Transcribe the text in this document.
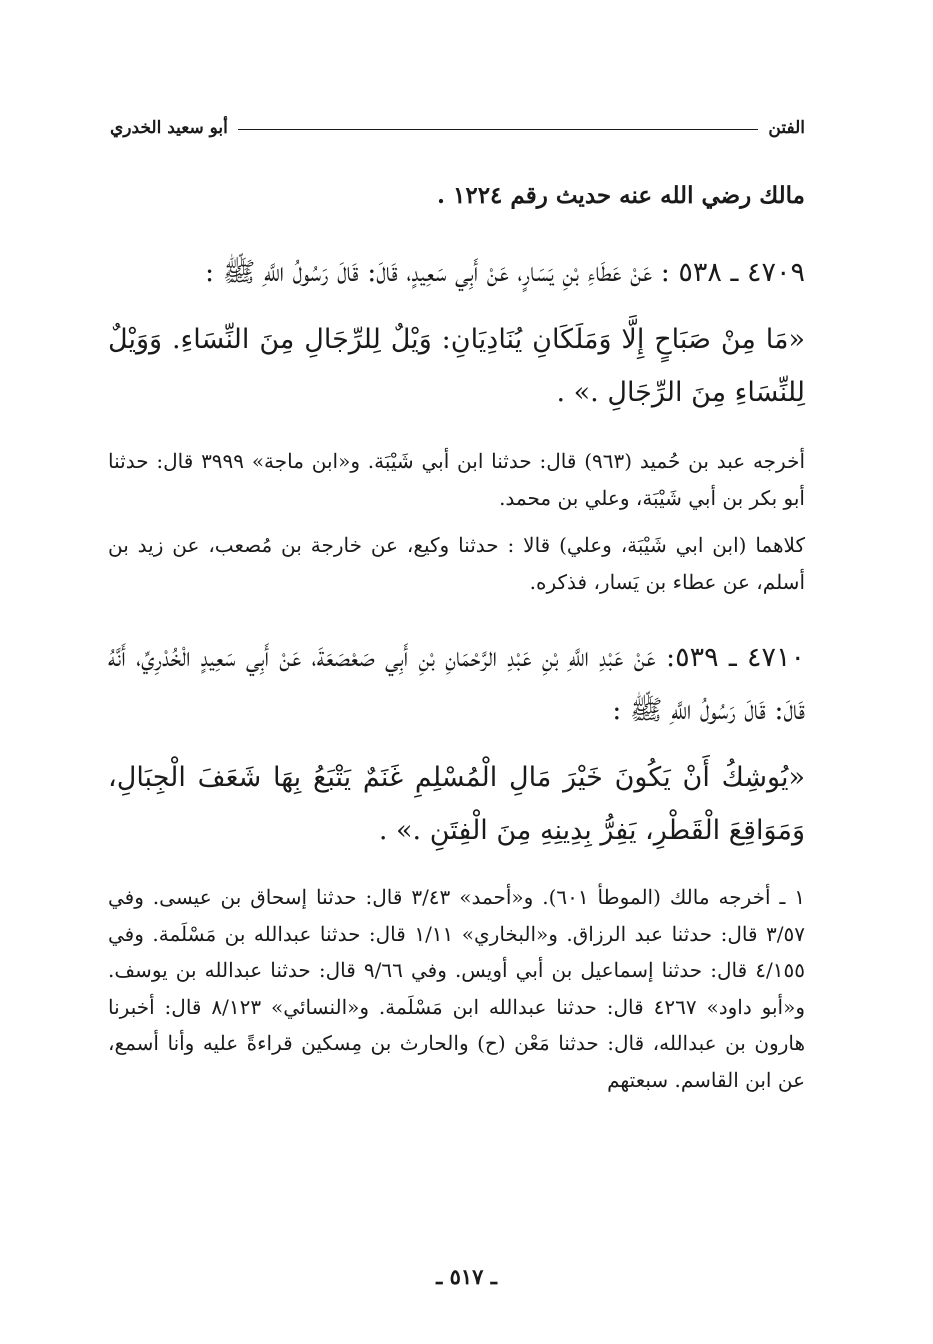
الفتن
أبو سعيد الخدري

مالك رضي الله عنه حديث رقم ١٢٢٤ .

٤٧٠٩ ـ ٥٣٨ : عَنْ عَطَاءِ بْنِ يَسَارٍ، عَنْ أَبِي سَعِيدٍ، قَالَ: قَالَ رَسُولُ اللَّهِ ﷺ :

«مَا مِنْ صَبَاحٍ إِلَّا وَمَلَكَانِ يُنَادِيَانِ: وَيْلٌ لِلرِّجَالِ مِنَ النِّسَاءِ. وَوَيْلٌ لِلنِّسَاءِ مِنَ الرِّجَالِ .» .

أخرجه عبد بن حُميد (٩٦٣) قال: حدثنا ابن أبي شَيْبَة. و«ابن ماجة» ٣٩٩٩ قال: حدثنا أبو بكر بن أبي شَيْبَة، وعلي بن محمد.

كلاهما (ابن ابي شَيْبَة، وعلي) قالا : حدثنا وكيع، عن خارجة بن مُصعب، عن زيد بن أسلم، عن عطاء بن يَسار، فذكره.

٤٧١٠ ـ ٥٣٩: عَنْ عَبْدِ اللَّهِ بْنِ عَبْدِ الرَّحْمَانِ بْنِ أَبِي صَعْصَعَةَ، عَنْ أَبِي سَعِيدٍ الْخُدْرِيِّ، أَنَّهُ قَالَ: قَالَ رَسُولُ اللَّهِ ﷺ :

«يُوشِكُ أَنْ يَكُونَ خَيْرَ مَالِ الْمُسْلِمِ غَنَمٌ يَتْبَعُ بِهَا شَعَفَ الْجِبَالِ، وَمَوَاقِعَ الْقَطْرِ، يَفِرُّ بِدِينِهِ مِنَ الْفِتَنِ .» .

١ ـ أخرجه مالك (الموطأ ٦٠١). و«أحمد» ٣/٤٣ قال: حدثنا إسحاق بن عيسى. وفي ٣/٥٧ قال: حدثنا عبد الرزاق. و«البخاري» ١/١١ قال: حدثنا عبدالله بن مَسْلَمة. وفي ٤/١٥٥ قال: حدثنا إسماعيل بن أبي أويس. وفي ٩/٦٦ قال: حدثنا عبدالله بن يوسف. و«أبو داود» ٤٢٦٧ قال: حدثنا عبدالله ابن مَسْلَمة. و«النسائي» ٨/١٢٣ قال: أخبرنا هارون بن عبدالله، قال: حدثنا مَعْن (ح) والحارث بن مِسكين قراءةً عليه وأنا أسمع، عن ابن القاسم. سبعتهم

ـ ٥١٧ ـ
